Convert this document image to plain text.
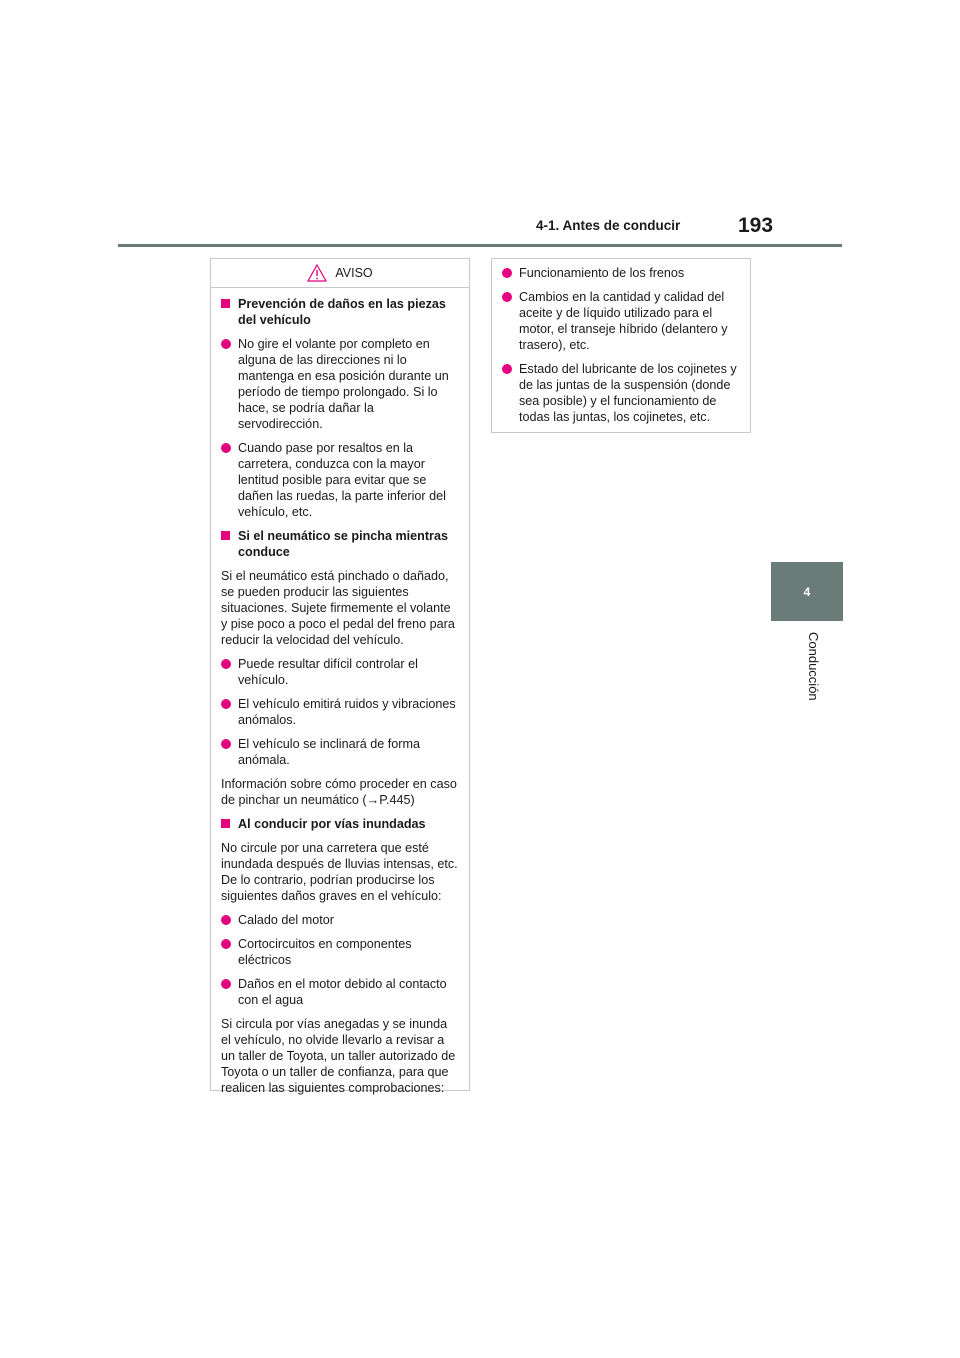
4-1. Antes de conducir	193
4
Conducción
AVISO
Prevención de daños en las piezas del vehículo
No gire el volante por completo en alguna de las direcciones ni lo mantenga en esa posición durante un período de tiempo prolongado. Si lo hace, se podría dañar la servodirección.
Cuando pase por resaltos en la carretera, conduzca con la mayor lentitud posible para evitar que se dañen las ruedas, la parte inferior del vehículo, etc.
Si el neumático se pincha mientras conduce
Si el neumático está pinchado o dañado, se pueden producir las siguientes situaciones. Sujete firmemente el volante y pise poco a poco el pedal del freno para reducir la velocidad del vehículo.
Puede resultar difícil controlar el vehículo.
El vehículo emitirá ruidos y vibraciones anómalos.
El vehículo se inclinará de forma anómala.
Información sobre cómo proceder en caso de pinchar un neumático (→P.445)
Al conducir por vías inundadas
No circule por una carretera que esté inundada después de lluvias intensas, etc. De lo contrario, podrían producirse los siguientes daños graves en el vehículo:
Calado del motor
Cortocircuitos en componentes eléctricos
Daños en el motor debido al contacto con el agua
Si circula por vías anegadas y se inunda el vehículo, no olvide llevarlo a revisar a un taller de Toyota, un taller autorizado de Toyota o un taller de confianza, para que realicen las siguientes comprobaciones:
Funcionamiento de los frenos
Cambios en la cantidad y calidad del aceite y de líquido utilizado para el motor, el transeje híbrido (delantero y trasero), etc.
Estado del lubricante de los cojinetes y de las juntas de la suspensión (donde sea posible) y el funcionamiento de todas las juntas, los cojinetes, etc.
